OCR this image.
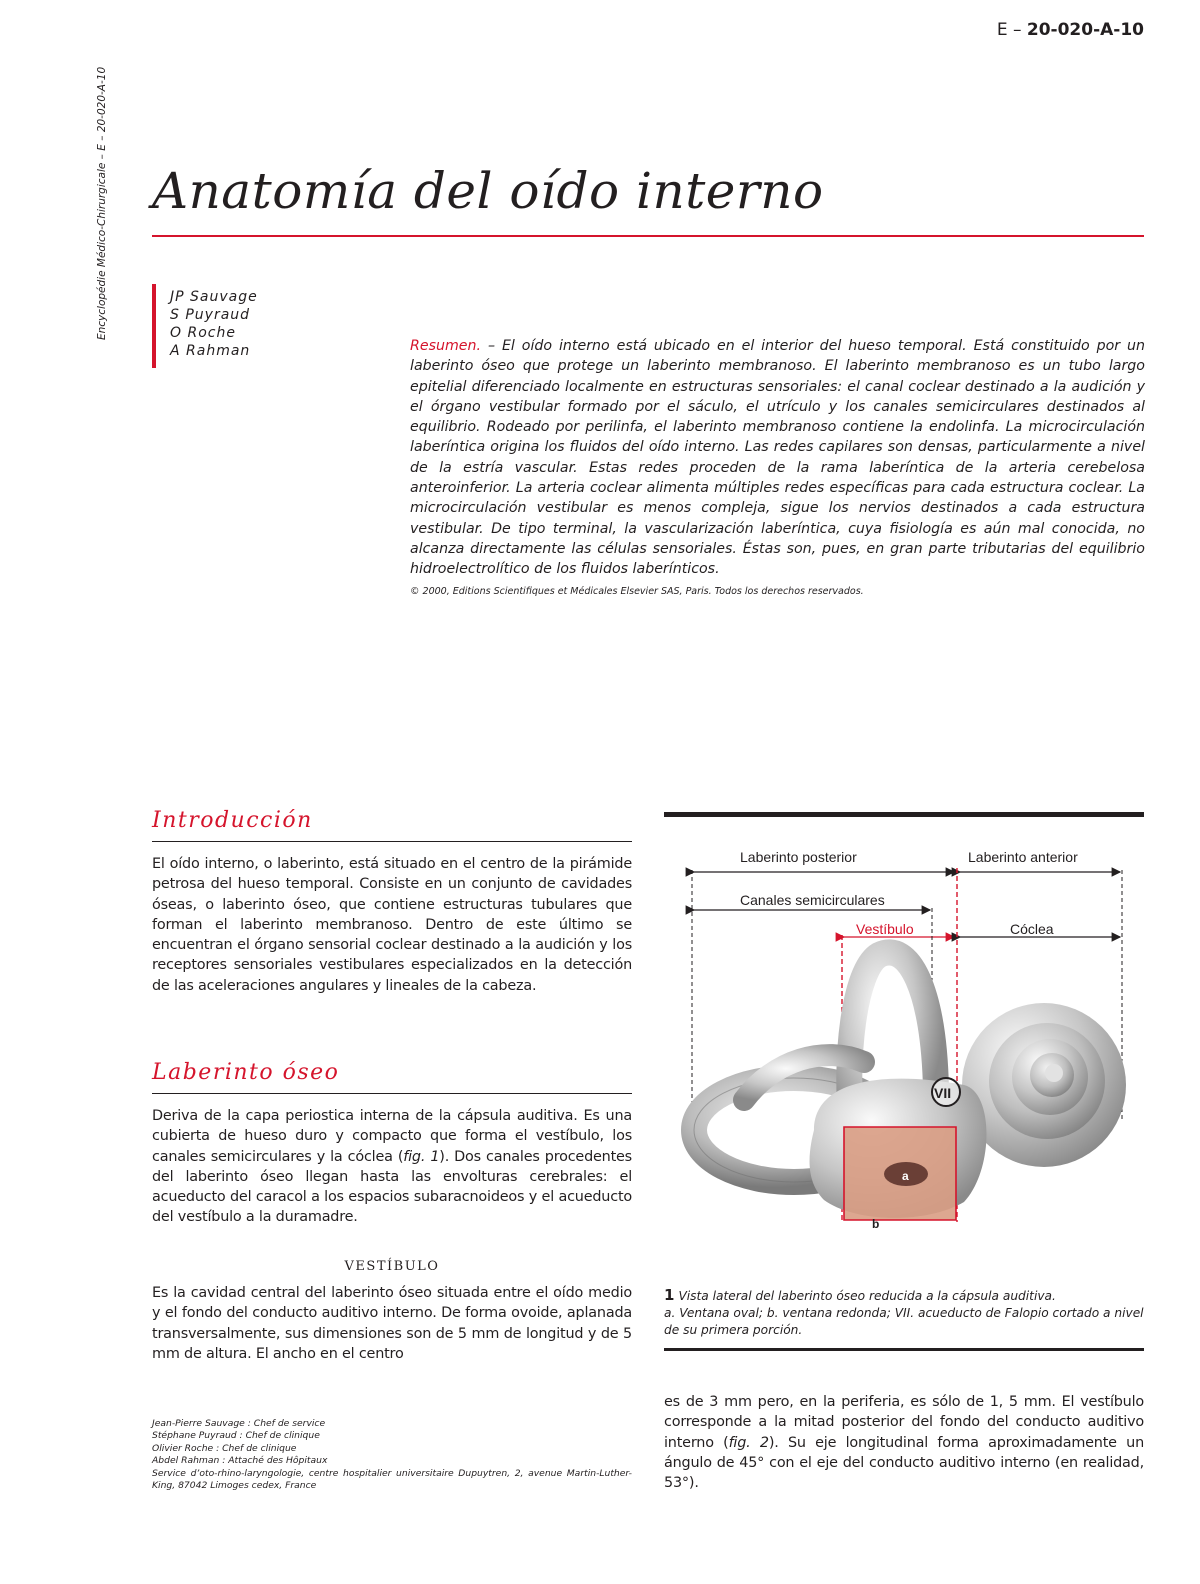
Encyclopédie Médico-Chirurgicale – E – 20-020-A-10
E – 20-020-A-10
Anatomía del oído interno
JP Sauvage
S Puyraud
O Roche
A Rahman	Resumen. – El oído interno está ubicado en el interior del hueso temporal. Está constituido por un laberinto óseo que protege un laberinto membranoso. El laberinto membranoso es un tubo largo epitelial diferenciado localmente en estructuras sensoriales: el canal coclear destinado a la audición y el órgano vestibular formado por el sáculo, el utrículo y los canales semicirculares destinados al equilibrio. Rodeado por perilinfa, el laberinto membranoso contiene la endolinfa. La microcirculación laberíntica origina los fluidos del oído interno. Las redes capilares son densas, particularmente a nivel de la estría vascular. Estas redes proceden de la rama laberíntica de la arteria cerebelosa anteroinferior. La arteria coclear alimenta múltiples redes específicas para cada estructura coclear. La microcirculación vestibular es menos compleja, sigue los nervios destinados a cada estructura vestibular. De tipo terminal, la vascularización laberíntica, cuya fisiología es aún mal conocida, no alcanza directamente las células sensoriales. Éstas son, pues, en gran parte tributarias del equilibrio hidroelectrolítico de los fluidos laberínticos.
© 2000, Editions Scientifiques et Médicales Elsevier SAS, Paris. Todos los derechos reservados.
Introducción
El oído interno, o laberinto, está situado en el centro de la pirámide petrosa del hueso temporal. Consiste en un conjunto de cavidades óseas, o laberinto óseo, que contiene estructuras tubulares que forman el laberinto membranoso. Dentro de este último se encuentran el órgano sensorial coclear destinado a la audición y los receptores sensoriales vestibulares especializados en la detección de las aceleraciones angulares y lineales de la cabeza.
Laberinto óseo
Deriva de la capa periostica interna de la cápsula auditiva. Es una cubierta de hueso duro y compacto que forma el vestíbulo, los canales semicirculares y la cóclea (fig. 1). Dos canales procedentes del laberinto óseo llegan hasta las envolturas cerebrales: el acueducto del caracol a los espacios subaracnoideos y el acueducto del vestíbulo a la duramadre.
VESTÍBULO
Es la cavidad central del laberinto óseo situada entre el oído medio y el fondo del conducto auditivo interno. De forma ovoide, aplanada transversalmente, sus dimensiones son de 5 mm de longitud y de 5 mm de altura. El ancho en el centro
Jean-Pierre Sauvage : Chef de service
Stéphane Puyraud : Chef de clinique
Olivier Roche : Chef de clinique
Abdel Rahman : Attaché des Hôpitaux
Service d’oto-rhino-laryngologie, centre hospitalier universitaire Dupuytren, 2, avenue Martin-Luther-King, 87042 Limoges cedex, France
Laberinto posterior	Laberinto anterior
Canales semicirculares
Vestíbulo	Cóclea
VII
a
b
1 Vista lateral del laberinto óseo reducida a la cápsula auditiva.
a. Ventana oval; b. ventana redonda; VII. acueducto de Falopio cortado a nivel de su primera porción.
es de 3 mm pero, en la periferia, es sólo de 1, 5 mm. El vestíbulo corresponde a la mitad posterior del fondo del conducto auditivo interno (fig. 2). Su eje longitudinal forma aproximadamente un ángulo de 45° con el eje del conducto auditivo interno (en realidad, 53°).
